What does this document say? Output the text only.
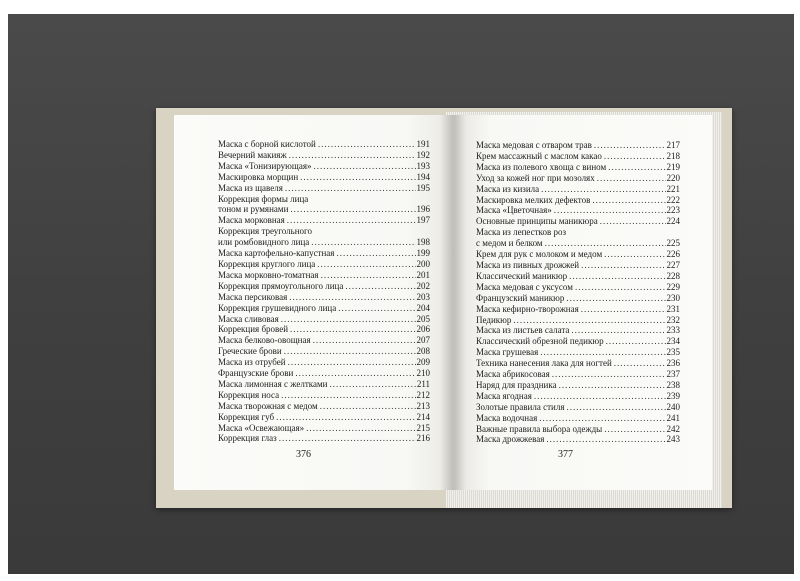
Маска с борной кислотой .....	191
Вечерний макияж .....	192
Маска «Тонизирующая» .....	193
Маскировка морщин .....	194
Маска из щавеля .....	195
Коррекция формы лица
тоном и румянами .....	196
Маска морковная .....	197
Коррекция треугольного
или ромбовидного лица .....	198
Маска картофельно-капустная .....	199
Коррекция круглого лица .....	200
Маска морковно-томатная .....	201
Коррекция прямоугольного лица .....	202
Маска персиковая .....	203
Коррекция грушевидного лица .....	204
Маска сливовая .....	205
Коррекция бровей .....	206
Маска белково-овощная .....	207
Греческие брови .....	208
Маска из отрубей .....	209
Французские брови .....	210
Маска лимонная с желтками .....	211
Коррекция носа .....	212
Маска творожная с медом .....	213
Коррекция губ .....	214
Маска «Освежающая» .....	215
Коррекция глаз .....	216
376
Маска медовая с отваром трав .....	217
Крем массажный с маслом какао .....	218
Маска из полевого хвоща с вином .....	219
Уход за кожей ног при мозолях .....	220
Маска из кизила .....	221
Маскировка мелких дефектов .....	222
Маска «Цветочная» .....	223
Основные принципы маникюра .....	224
Маска из лепестков роз
с медом и белком .....	225
Крем для рук с молоком и медом .....	226
Маска из пивных дрожжей .....	227
Классический маникюр .....	228
Маска медовая с уксусом .....	229
Французский маникюр .....	230
Маска кефирно-творожная .....	231
Педикюр .....	232
Маска из листьев салата .....	233
Классический обрезной педикюр .....	234
Маска грушевая .....	235
Техника нанесения лака для ногтей .....	236
Маска абрикосовая .....	237
Наряд для праздника .....	238
Маска ягодная .....	239
Золотые правила стиля .....	240
Маска водочная .....	241
Важные правила выбора одежды .....	242
Маска дрожжевая .....	243
377
